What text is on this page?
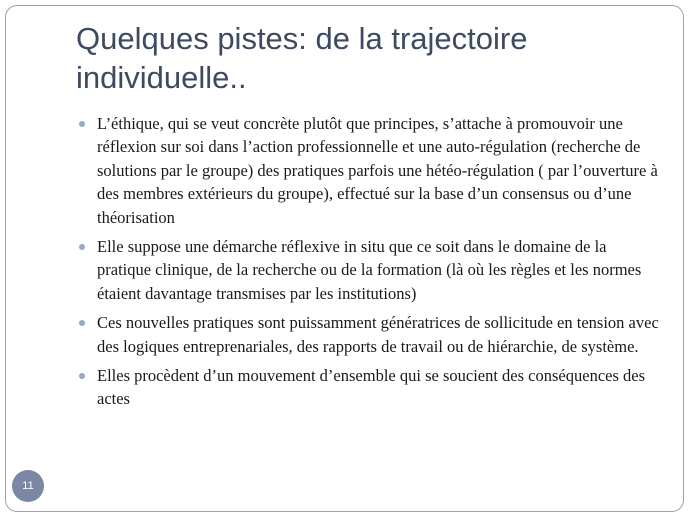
Quelques pistes: de la trajectoire individuelle..
L’éthique, qui se veut concrète plutôt que principes, s’attache à promouvoir une réflexion sur soi dans l’action professionnelle et une auto-régulation (recherche de solutions par le groupe) des pratiques parfois une hétéo-régulation ( par l’ouverture à des membres extérieurs du groupe), effectué sur la base d’un consensus ou d’une théorisation
Elle suppose une démarche réflexive in situ que ce soit dans le domaine de la pratique clinique, de la recherche ou de la formation (là où les règles et les normes étaient davantage transmises par les institutions)
Ces nouvelles pratiques sont puissamment génératrices de sollicitude en tension avec des logiques entreprenariales, des rapports de travail ou de hiérarchie, de système.
Elles procèdent d’un mouvement d’ensemble qui se soucient des conséquences des actes
11
